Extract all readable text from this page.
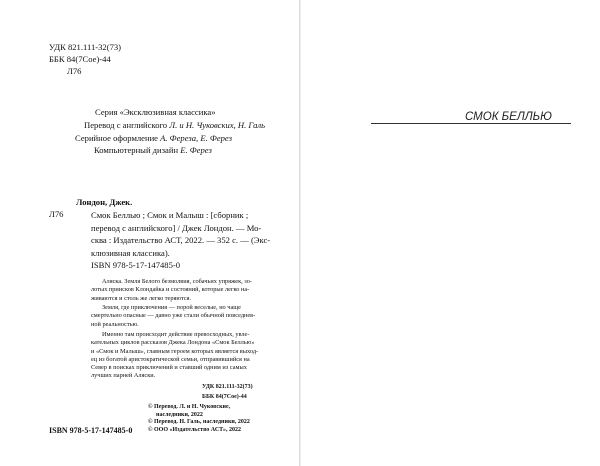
УДК 821.111-32(73)
ББК 84(7Сое)-44
Л76
Серия «Эксклюзивная классика»
Перевод с английского Л. и Н. Чуковских, Н. Галь
Серийное оформление А. Фереза, Е. Ферез
Компьютерный дизайн Е. Ферез
Лондон, Джек.
Л76	Смок Беллью ; Смок и Малыш : [сборник ;
перевод с английского] / Джек Лондон. — Мо-
сква : Издательство АСТ, 2022. — 352 с. — (Экс-
клюзивная классика).
ISBN 978-5-17-147485-0
Аляска. Земля Белого безмолвия, собачьих упряжек, зо-
лотых приисков Клондайка и состояний, которые легко на-
живаются и столь же легко теряются.
Земля, где приключения — порой веселые, но чаще
смертельно опасные — давно уже стали обычной повседнев-
ной реальностью.
Именно там происходит действие превосходных, увле-
кательных циклов рассказов Джека Лондона «Смок Беллью»
и «Смок и Малыш», главным героем которых является выход-
ец из богатой аристократической семьи, отправившийся на
Север в поисках приключений и ставший одним из самых
лучших парней Аляски.
УДК 821.111-32(73)
ББК 84(7Сое)-44
ISBN 978-5-17-147485-0
© Перевод. Л. и Н. Чуковские,
наследники, 2022
© Перевод. Н. Галь, наследники, 2022
© ООО «Издательство АСТ», 2022
СМОК БЕЛЛЬЮ
